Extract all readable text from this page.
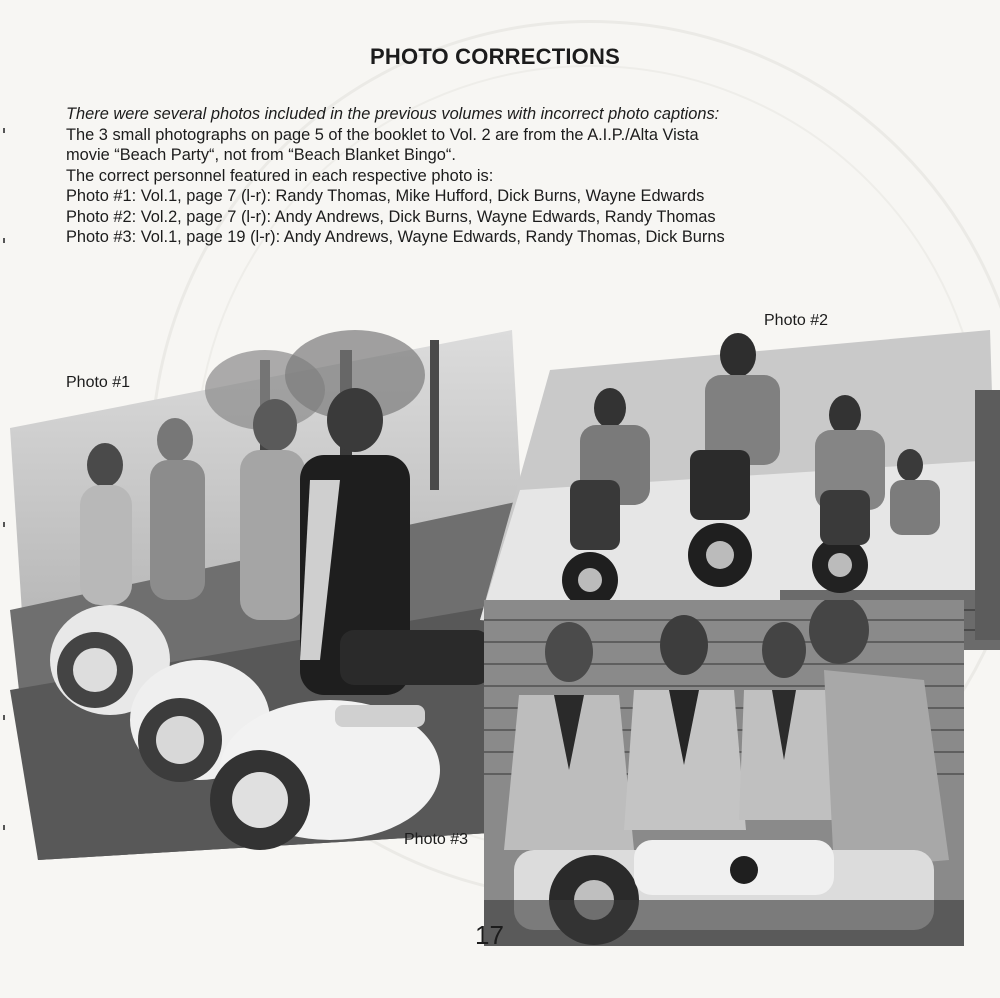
PHOTO CORRECTIONS

There were several photos included in the previous volumes with incorrect photo captions:

The 3 small photographs on page 5 of the booklet to Vol. 2 are from the A.I.P./Alta Vista

movie “Beach Party“, not from “Beach Blanket Bingo“.

The correct personnel featured in each respective photo is:

Photo #1: Vol.1, page 7 (l-r): Randy Thomas, Mike Hufford, Dick Burns, Wayne Edwards

Photo #2: Vol.2, page 7 (l-r): Andy Andrews, Dick Burns, Wayne Edwards, Randy Thomas

Photo #3: Vol.1, page 19 (l-r): Andy Andrews, Wayne Edwards, Randy Thomas, Dick Burns

Photo #2
Photo #1
Photo #3
17
